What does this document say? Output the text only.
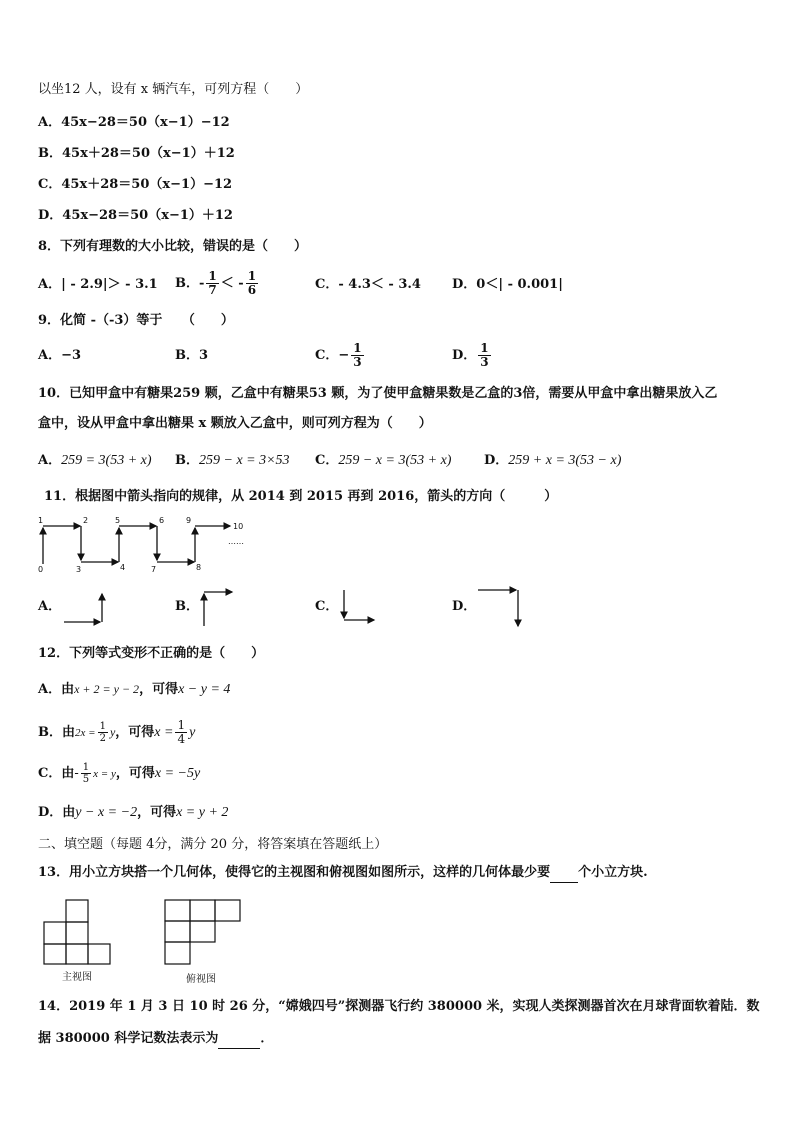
以坐12 人，设有 x 辆汽车，可列方程（　　）
A．45x−28＝50（x−1）−12
B．45x＋28＝50（x−1）＋12
C．45x＋28＝50（x−1）−12
D．45x−28＝50（x−1）＋12
8．下列有理数的大小比较，错误的是（　　）
A．| - 2.9|＞ - 3.1 B．- $\frac{1}{7}$ ＜ - $\frac{1}{6}$	C．- 4.3＜ - 3.4 D．0＜| - 0.001|
9．化简 -（-3）等于　　（　　）
A．−3	B．3	C．− $\frac{1}{3}$	D． $\frac{1}{3}$
10．已知甲盒中有糖果259 颗，乙盒中有糖果53 颗，为了使甲盒糖果数是乙盒的3倍，需要从甲盒中拿出糖果放入乙
盒中，设从甲盒中拿出糖果 x 颗放入乙盒中，则可列方程为（　　）
A．259 = 3(53 + x) B．259 − x = 3×53 C．259 − x = 3(53 + x)	D．259 + x = 3(53 − x)
11．根据图中箭头指向的规律，从 2014 到 2015 再到 2016，箭头的方向（　　　）
1	2
3	4
5	6
7	8
9
10
0
……
A．	B．	C．	D．
12．下列等式变形不正确的是（　　）
A．由x + 2 = y − 2，可得x − y = 4
B．由$2x = \frac{1}{2}$ y，可得$x = \frac{1}{4}$ y
C．由- $\frac{1}{5}$ x = y，可得x = −5y
D．由y − x = −2，可得x = y + 2
二、填空题（每题 4分，满分 20 分，将答案填在答题纸上）
13．用小立方块搭一个几何体，使得它的主视图和俯视图如图所示，这样的几何体最少要 个小立方块.
主视图	俯视图
14．2019 年 1 月 3 日 10 时 26 分，“嫦娥四号”探测器飞行约 380000 米，实现人类探测器首次在月球背面软着陆．数
据 380000 科学记数法表示为	．
